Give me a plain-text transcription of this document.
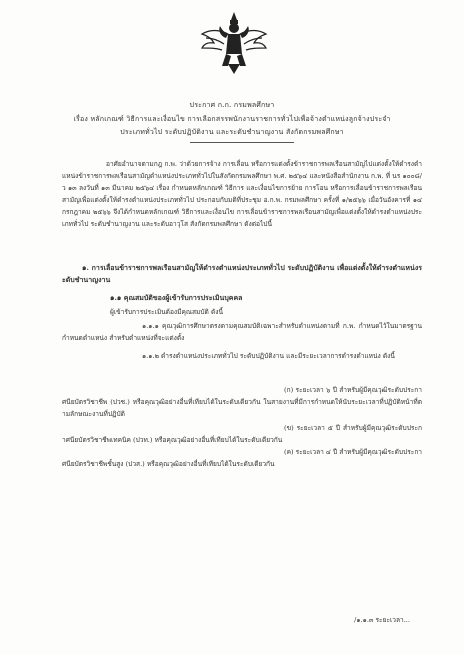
ประกาศ ก.ก. กรมพลศึกษา
เรื่อง หลักเกณฑ์ วิธีการและเงื่อนไข การเลือกสรรพนักงานราชการทั่วไปเพื่อจ้างตำแหน่งลูกจ้างประจำ
ประเภททั่วไป ระดับปฏิบัติงาน และระดับชำนาญงาน สังกัดกรมพลศึกษา
อาศัยอำนาจตามกฎ ก.พ. ว่าด้วยการจ้าง การเลื่อน หรือการแต่งตั้งข้าราชการพลเรือนสามัญไปแต่งตั้งให้ดำรงตำแหน่งข้าราชการพลเรือนสามัญตำแหน่งประเภททั่วไปในสังกัดกรมพลศึกษา พ.ศ. ๒๕๖๔ และหนังสือสำนักงาน ก.พ. ที่ นร ๑๐๐๘/ว ๑๓ ลงวันที่ ๑๓ มีนาคม ๒๕๖๔ เรื่อง กำหนดหลักเกณฑ์ วิธีการ และเงื่อนไขการย้าย การโอน หรือการเลื่อนข้าราชการพลเรือนสามัญเพื่อแต่งตั้งให้ดำรงตำแหน่งประเภททั่วไป ประกอบกับมติที่ประชุม อ.ก.พ. กรมพลศึกษา ครั้งที่ ๑/๒๕๖๖ เมื่อวันอังคารที่ ๑๔ กรกฎาคม ๒๕๖๖ จึงได้กำหนดหลักเกณฑ์ วิธีการและเงื่อนไข การเลื่อนข้าราชการพลเรือนสามัญเพื่อแต่งตั้งให้ดำรงตำแหน่งประเภททั่วไป ระดับชำนาญงาน และระดับอาวุโส สังกัดกรมพลศึกษา ดังต่อไปนี้
๑. การเลื่อนข้าราชการพลเรือนสามัญให้ดำรงตำแหน่งประเภททั่วไป ระดับปฏิบัติงาน เพื่อแต่งตั้งให้ดำรงตำแหน่งระดับชำนาญงาน
๑.๑ คุณสมบัติของผู้เข้ารับการประเมินบุคคล
ผู้เข้ารับการประเมินต้องมีคุณสมบัติ ดังนี้
๑.๑.๑ คุณวุฒิการศึกษาตรงตามคุณสมบัติเฉพาะสำหรับตำแหน่งตามที่ ก.พ. กำหนดไว้ในมาตรฐานกำหนดตำแหน่ง สำหรับตำแหน่งที่จะแต่งตั้ง
๑.๑.๒ ดำรงตำแหน่งประเภททั่วไป ระดับปฏิบัติงาน และมีระยะเวลาการดำรงตำแหน่ง ดังนี้
(ก) ระยะเวลา ๖ ปี สำหรับผู้มีคุณวุฒิระดับประกาศนียบัตรวิชาชีพ (ปวช.) หรือคุณวุฒิอย่างอื่นที่เทียบได้ในระดับเดียวกัน ในสายงานที่มีการกำหนดให้นับระยะเวลาที่ปฏิบัติหน้าที่ตามลักษณะงานที่ปฏิบัติ
(ข) ระยะเวลา ๕ ปี สำหรับผู้มีคุณวุฒิระดับประกาศนียบัตรวิชาชีพเทคนิค (ปวท.) หรือคุณวุฒิอย่างอื่นที่เทียบได้ในระดับเดียวกัน
(ค) ระยะเวลา ๔ ปี สำหรับผู้มีคุณวุฒิระดับประกาศนียบัตรวิชาชีพชั้นสูง (ปวส.) หรือคุณวุฒิอย่างอื่นที่เทียบได้ในระดับเดียวกัน
/๑.๑.๓ ระยะเวลา...
